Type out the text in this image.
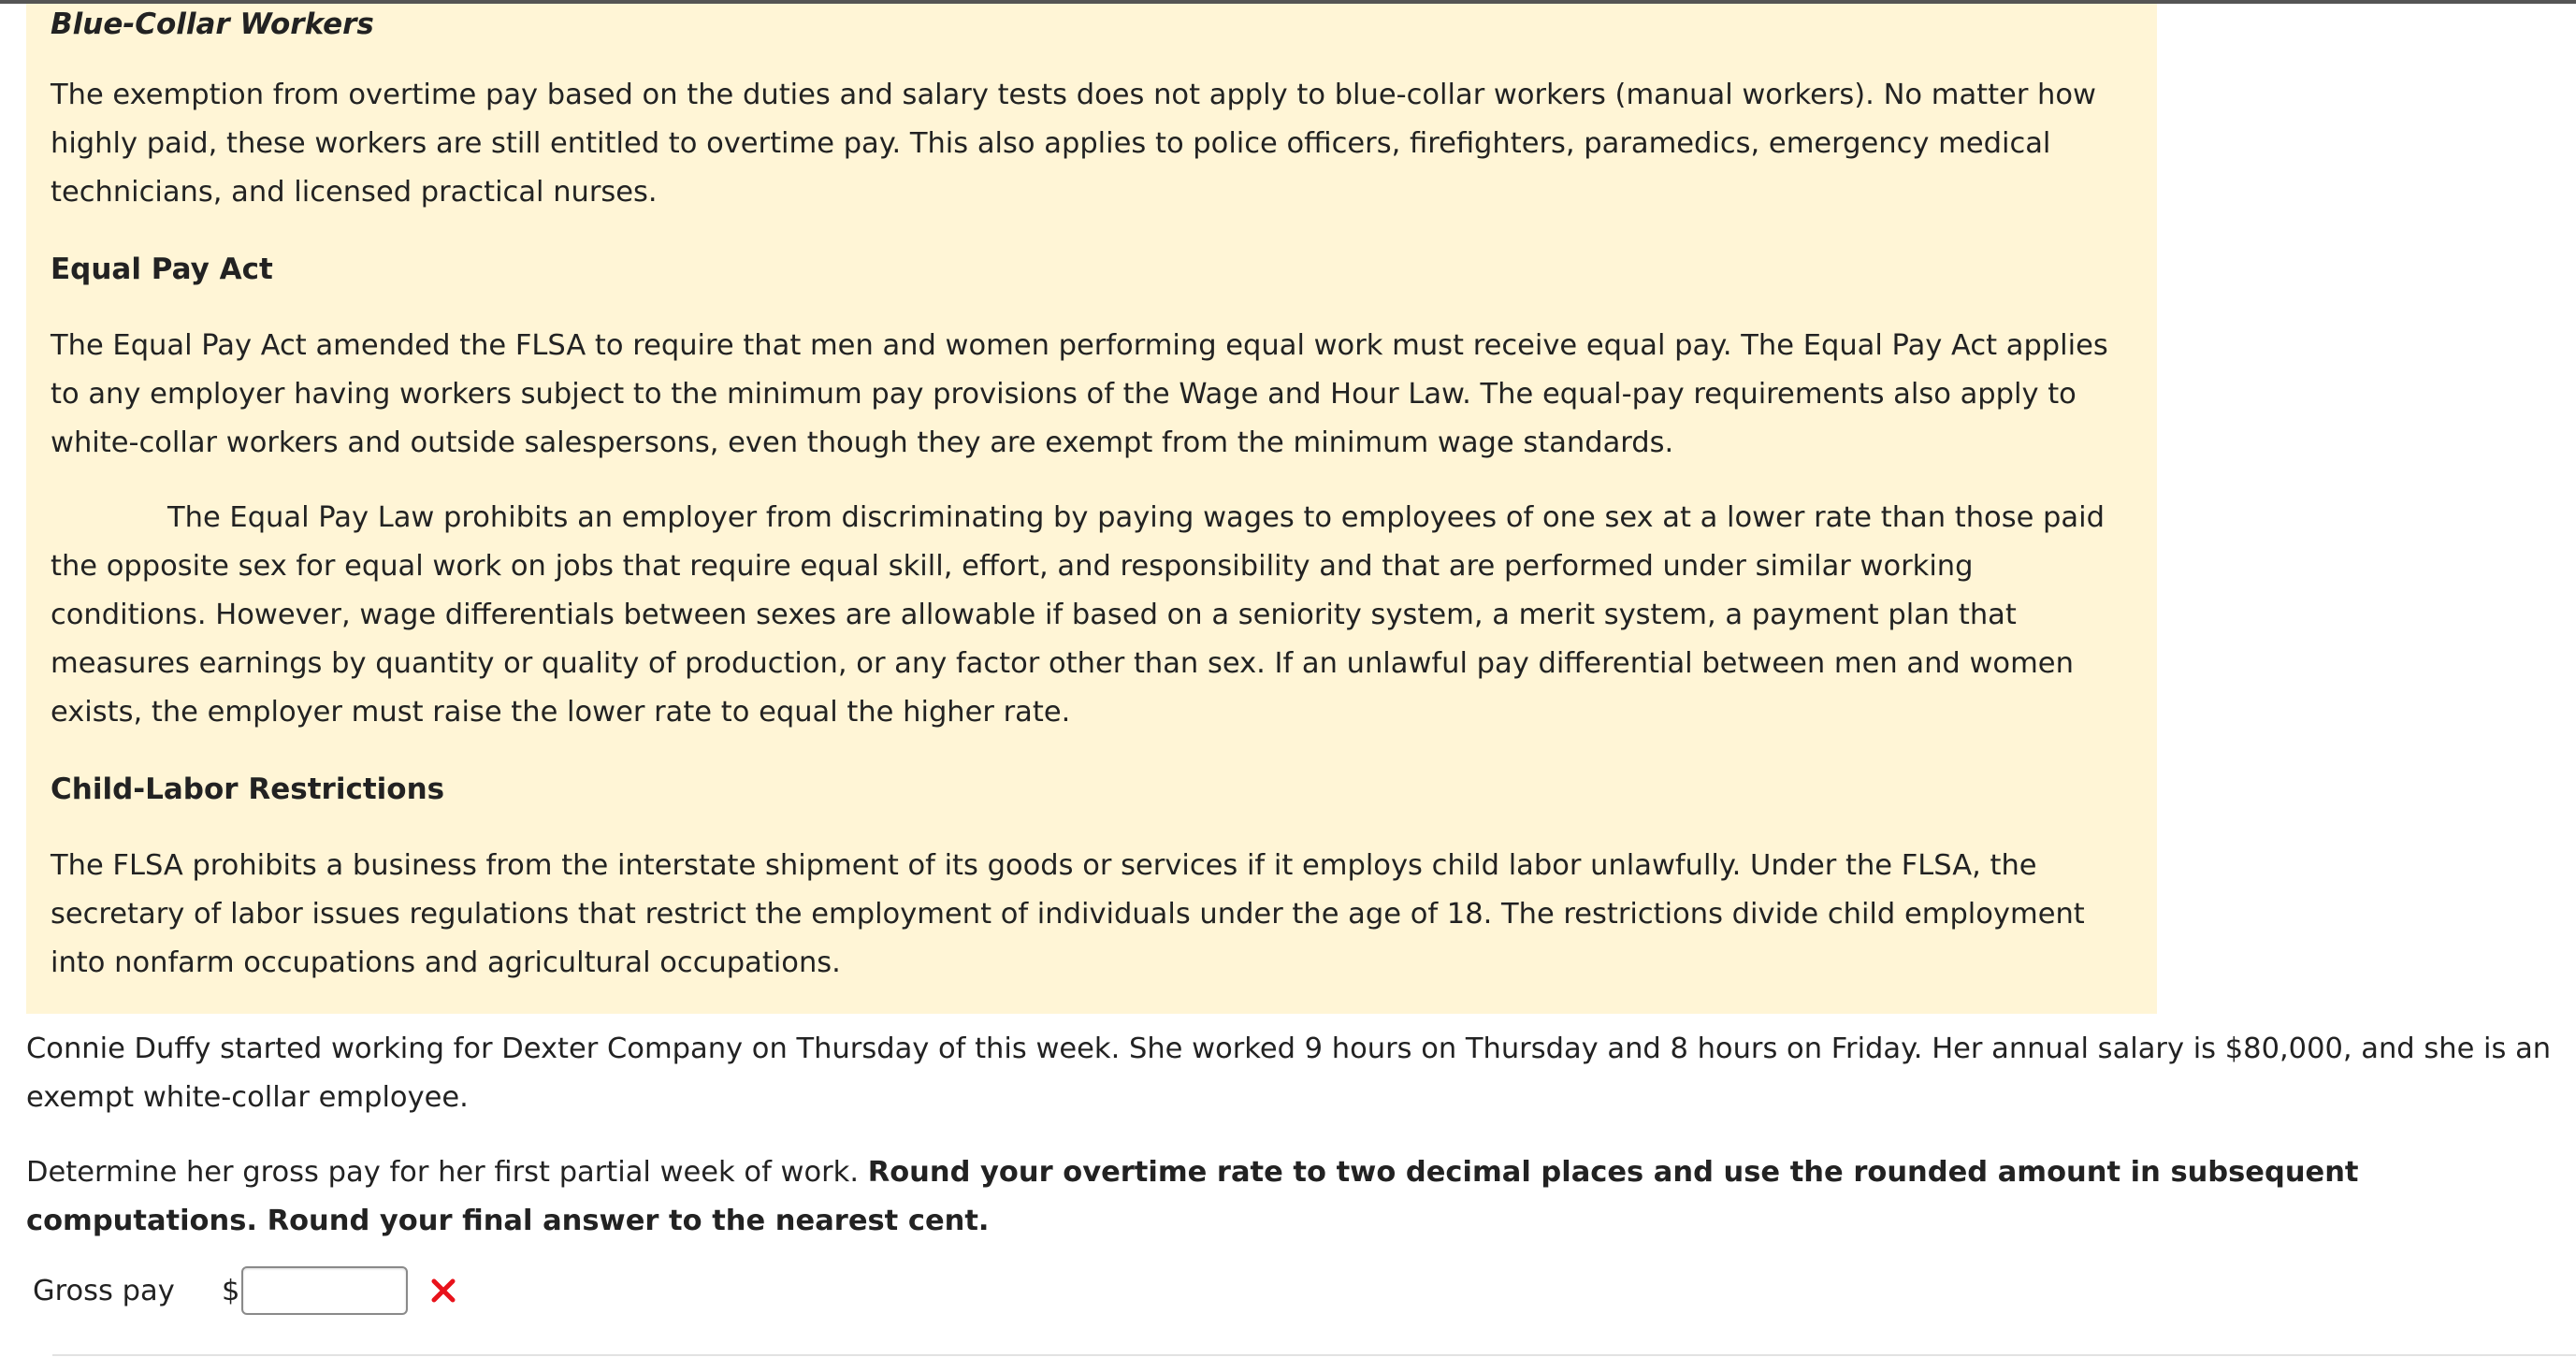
Blue-Collar Workers

The exemption from overtime pay based on the duties and salary tests does not apply to blue-collar workers (manual workers). No matter how highly paid, these workers are still entitled to overtime pay. This also applies to police officers, firefighters, paramedics, emergency medical technicians, and licensed practical nurses.

Equal Pay Act

The Equal Pay Act amended the FLSA to require that men and women performing equal work must receive equal pay. The Equal Pay Act applies to any employer having workers subject to the minimum pay provisions of the Wage and Hour Law. The equal-pay requirements also apply to white-collar workers and outside salespersons, even though they are exempt from the minimum wage standards.

The Equal Pay Law prohibits an employer from discriminating by paying wages to employees of one sex at a lower rate than those paid the opposite sex for equal work on jobs that require equal skill, effort, and responsibility and that are performed under similar working conditions. However, wage differentials between sexes are allowable if based on a seniority system, a merit system, a payment plan that measures earnings by quantity or quality of production, or any factor other than sex. If an unlawful pay differential between men and women exists, the employer must raise the lower rate to equal the higher rate.

Child-Labor Restrictions

The FLSA prohibits a business from the interstate shipment of its goods or services if it employs child labor unlawfully. Under the FLSA, the secretary of labor issues regulations that restrict the employment of individuals under the age of 18. The restrictions divide child employment into nonfarm occupations and agricultural occupations.

Connie Duffy started working for Dexter Company on Thursday of this week. She worked 9 hours on Thursday and 8 hours on Friday. Her annual salary is $80,000, and she is an exempt white-collar employee.

Determine her gross pay for her first partial week of work. Round your overtime rate to two decimal places and use the rounded amount in subsequent computations. Round your final answer to the nearest cent.

Gross pay	$
